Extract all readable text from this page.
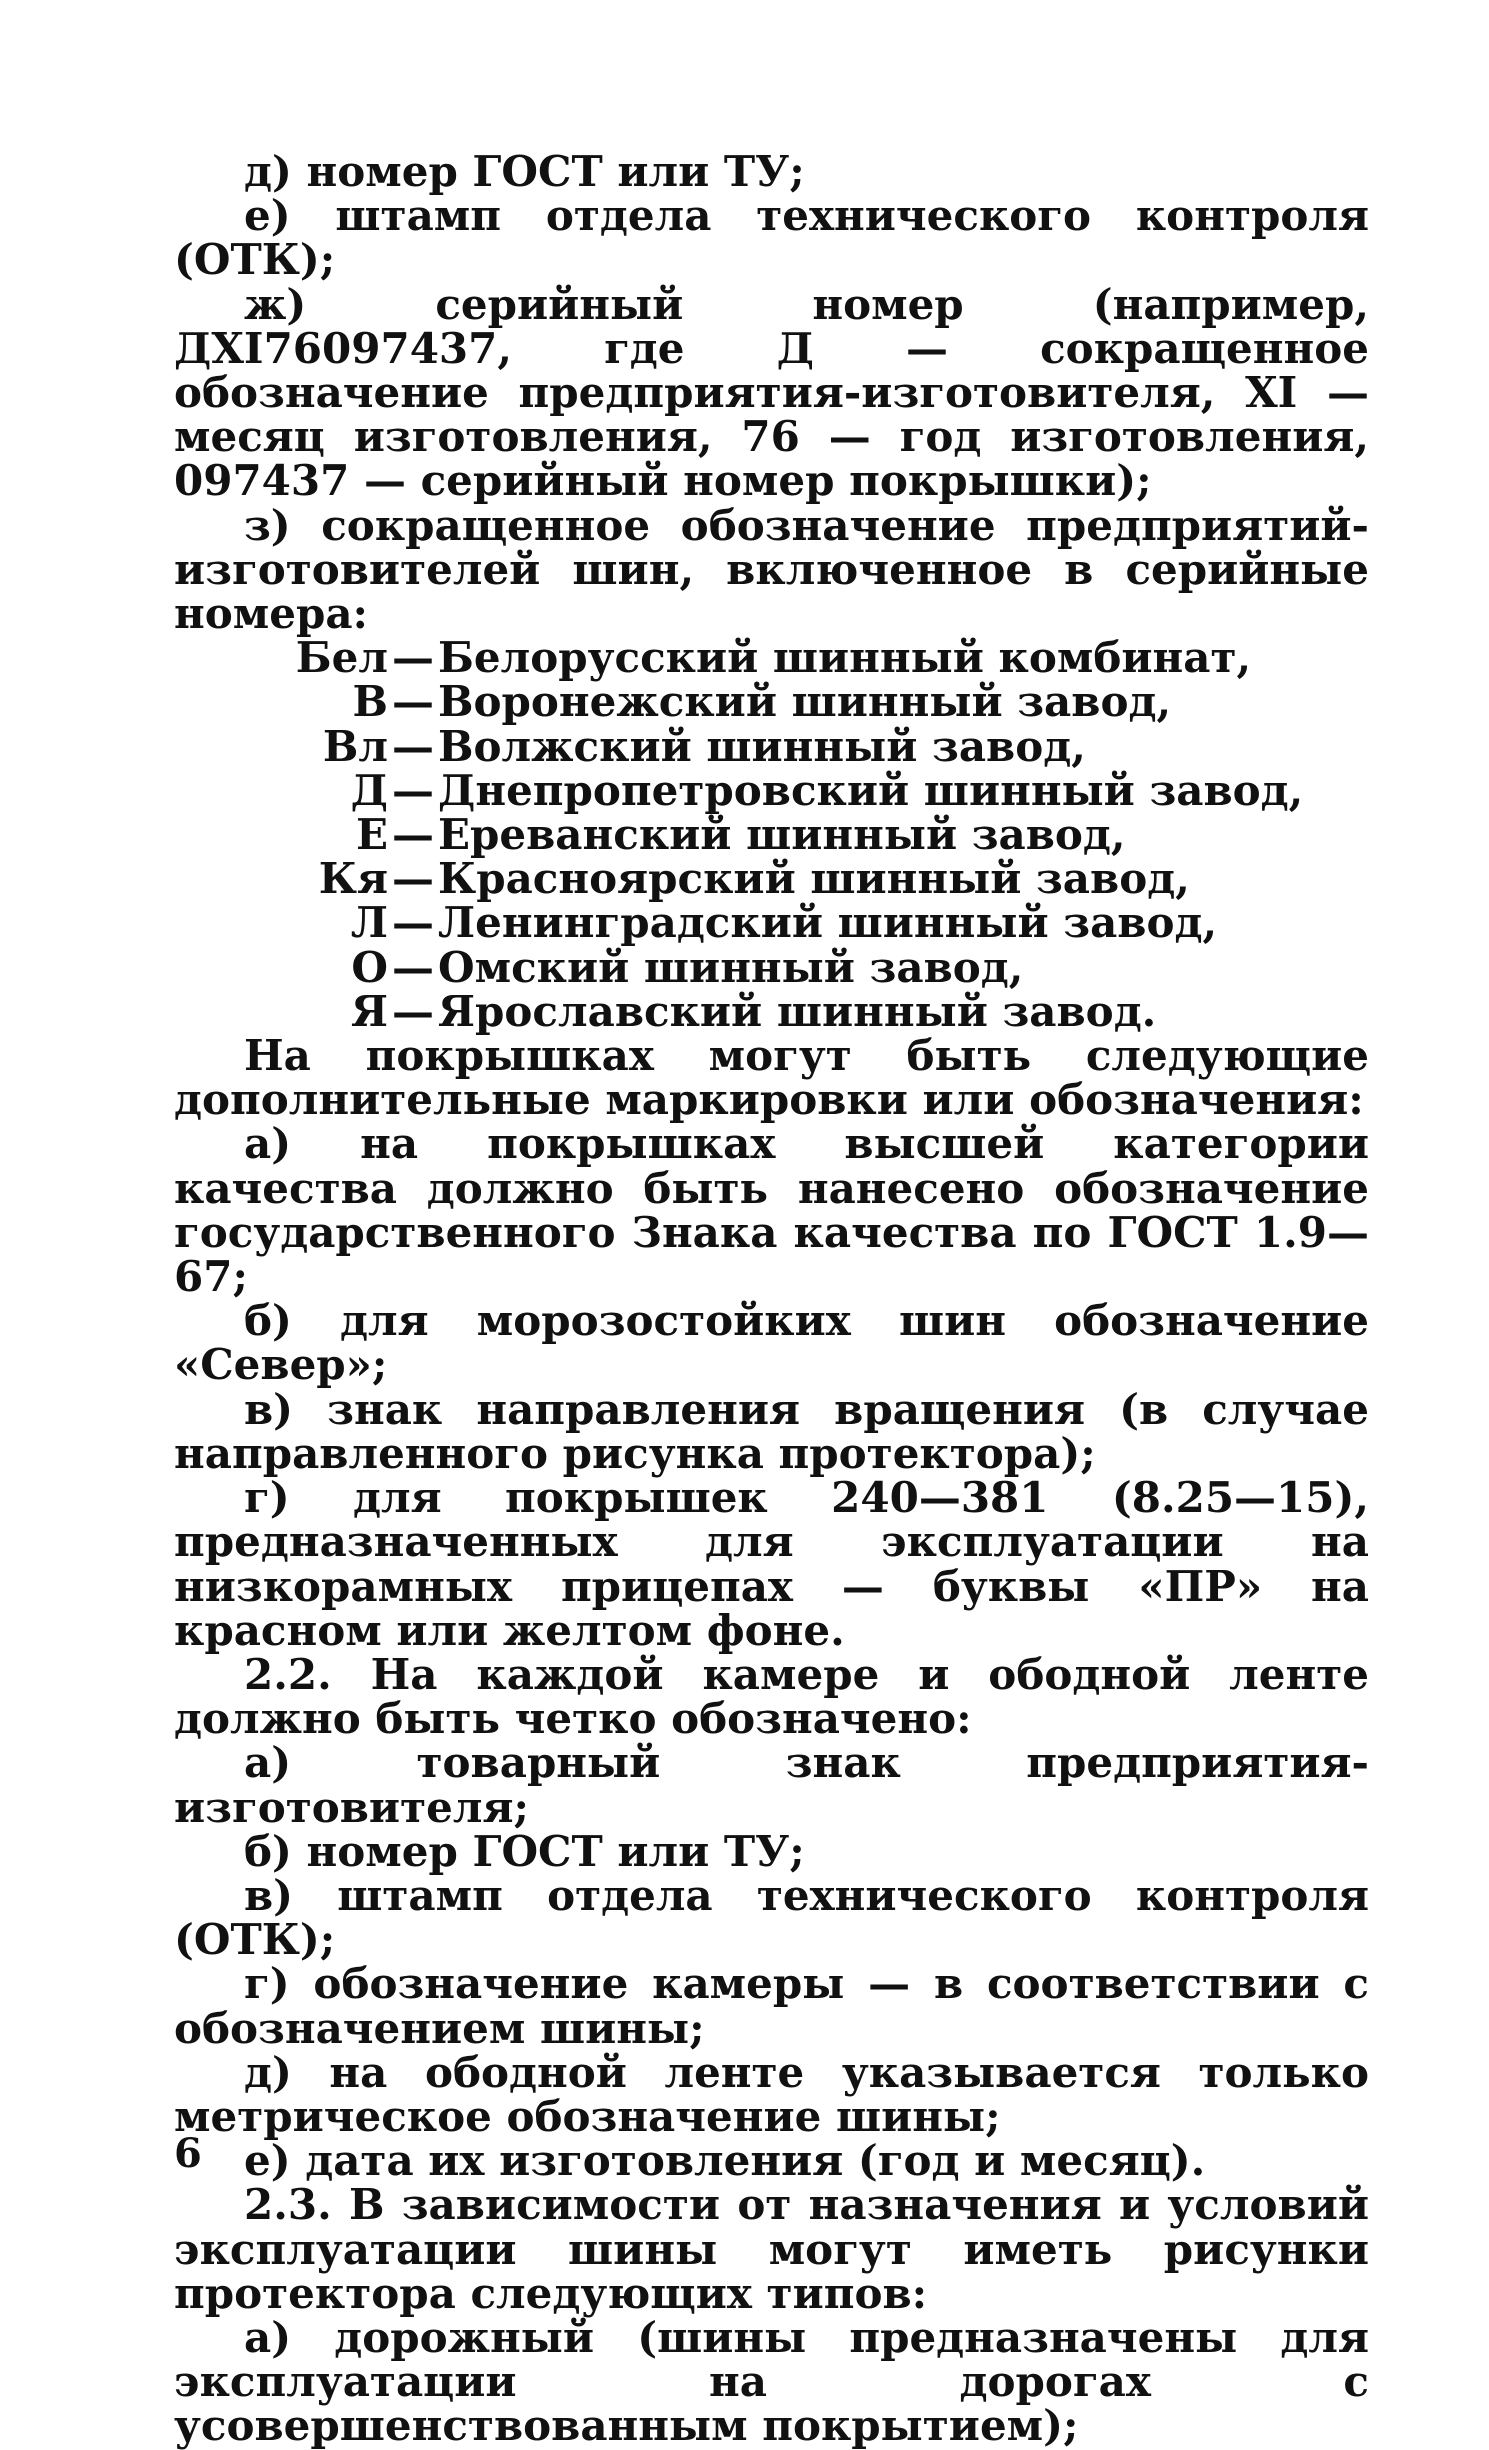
д) номер ГОСТ или ТУ;

е) штамп отдела технического контроля (ОТК);

ж) серийный номер (например, ДХI76097437, где Д — сокращенное обозначение предприятия-изготовителя, XI — месяц изготовления, 76 — год изготовления, 097437 — серийный номер покрышки);

з) сокращенное обозначение предприятий-изготовителей шин, включенное в серийные номера:

Бел — Белорусский шинный комбинат,
В — Воронежский шинный завод,
Вл — Волжский шинный завод,
Д — Днепропетровский шинный завод,
Е — Ереванский шинный завод,
Кя — Красноярский шинный завод,
Л — Ленинградский шинный завод,
О — Омский шинный завод,
Я — Ярославский шинный завод.

На покрышках могут быть следующие дополнительные маркировки или обозначения:

а) на покрышках высшей категории качества должно быть нанесено обозначение государственного Знака качества по ГОСТ 1.9—67;

б) для морозостойких шин обозначение «Север»;

в) знак направления вращения (в случае направленного рисунка протектора);

г) для покрышек 240—381 (8.25—15), предназначенных для эксплуатации на низкорамных прицепах — буквы «ПР» на красном или желтом фоне.

2.2. На каждой камере и ободной ленте должно быть четко обозначено:

а) товарный знак предприятия-изготовителя;

б) номер ГОСТ или ТУ;

в) штамп отдела технического контроля (ОТК);

г) обозначение камеры — в соответствии с обозначением шины;

д) на ободной ленте указывается только метрическое обозначение шины;

е) дата их изготовления (год и месяц).

2.3. В зависимости от назначения и условий эксплуатации шины могут иметь рисунки протектора следующих типов:

а) дорожный (шины предназначены для эксплуатации на дорогах с усовершенствованным покрытием);

6
